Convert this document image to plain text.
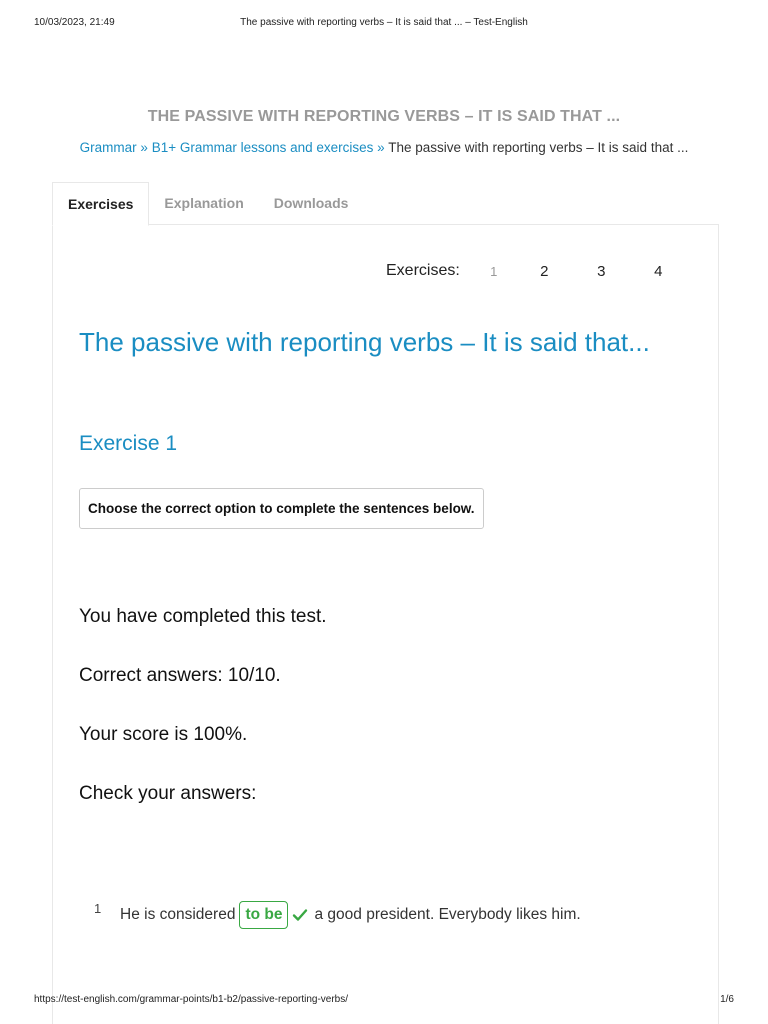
10/03/2023, 21:49	The passive with reporting verbs – It is said that ... – Test-English
THE PASSIVE WITH REPORTING VERBS – IT IS SAID THAT ...
Grammar » B1+ Grammar lessons and exercises » The passive with reporting verbs – It is said that ...
Exercises	Explanation	Downloads
Exercises:	1	2	3	4
The passive with reporting verbs – It is said that...
Exercise 1
Choose the correct option to complete the sentences below.
You have completed this test.
Correct answers: 10/10.
Your score is 100%.
Check your answers:
1 He is considered to be	a good president. Everybody likes him.
https://test-english.com/grammar-points/b1-b2/passive-reporting-verbs/	1/6
